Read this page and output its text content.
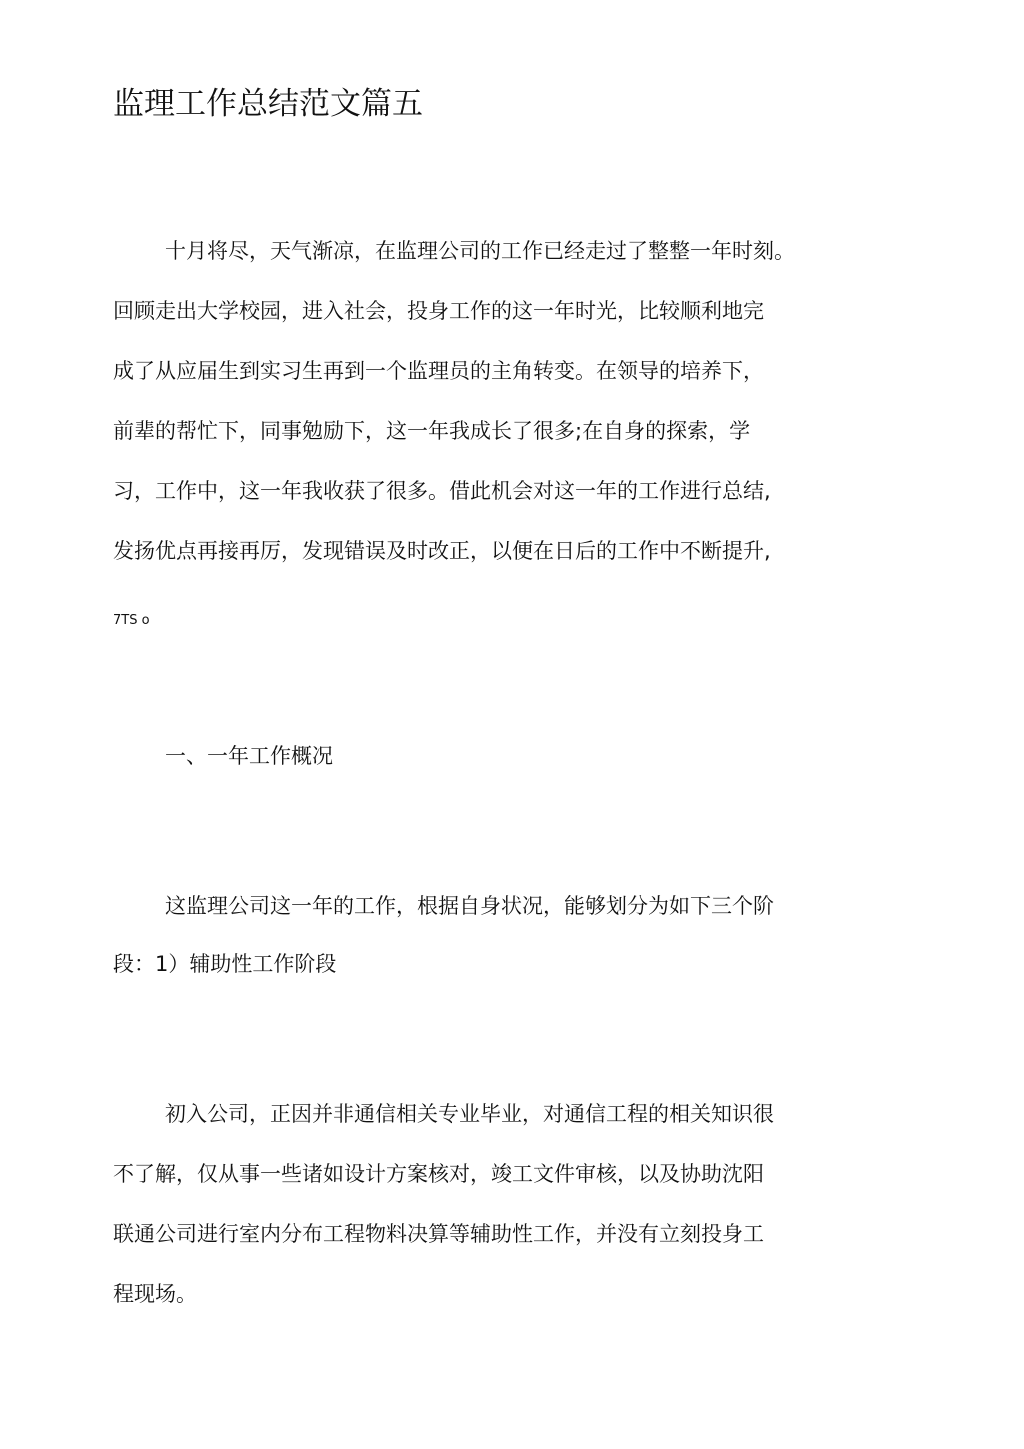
监理工作总结范文篇五
十月将尽，天气渐凉，在监理公司的工作已经走过了整整一年时刻。
回顾走出大学校园，进入社会，投身工作的这一年时光，比较顺利地完
成了从应届生到实习生再到一个监理员的主角转变。在领导的培养下，
前辈的帮忙下，同事勉励下，这一年我成长了很多;在自身的探索，学
习，工作中，这一年我收获了很多。借此机会对这一年的工作进行总结,
发扬优点再接再厉，发现错误及时改正，以便在日后的工作中不断提升,
7TS o
一、一年工作概况
这监理公司这一年的工作，根据自身状况，能够划分为如下三个阶
段：1）辅助性工作阶段
初入公司，正因并非通信相关专业毕业，对通信工程的相关知识很
不了解，仅从事一些诸如设计方案核对，竣工文件审核，以及协助沈阳
联通公司进行室内分布工程物料决算等辅助性工作，并没有立刻投身工
程现场。
